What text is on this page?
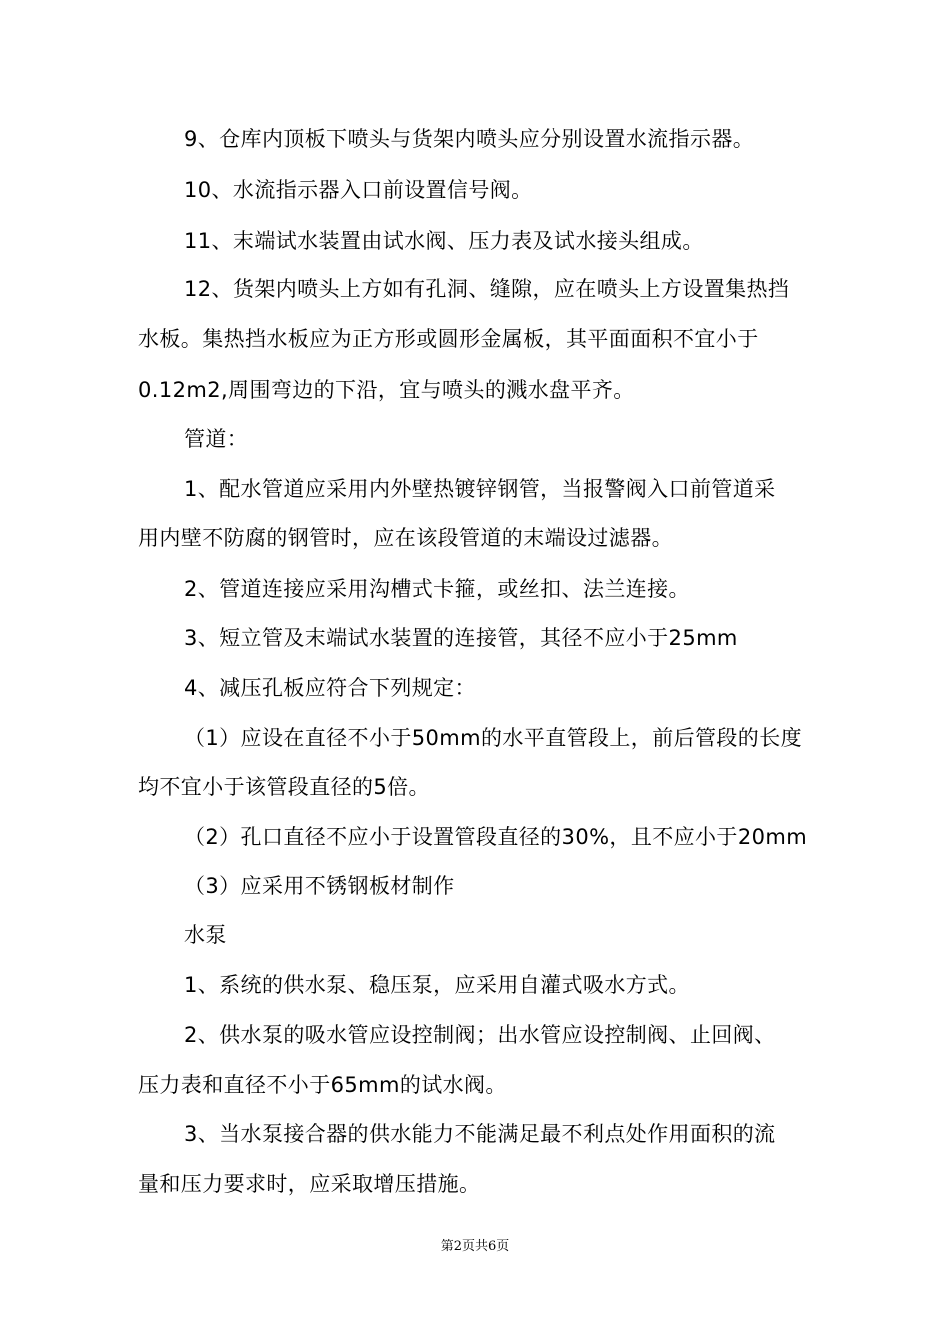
9、仓库内顶板下喷头与货架内喷头应分别设置水流指示器。
10、水流指示器入口前设置信号阀。
11、末端试水装置由试水阀、压力表及试水接头组成。
12、货架内喷头上方如有孔洞、缝隙，应在喷头上方设置集热挡
水板。集热挡水板应为正方形或圆形金属板，其平面面积不宜小于
0.12m2,周围弯边的下沿，宜与喷头的溅水盘平齐。
管道：
1、配水管道应采用内外壁热镀锌钢管，当报警阀入口前管道采
用内壁不防腐的钢管时，应在该段管道的末端设过滤器。
2、管道连接应采用沟槽式卡箍，或丝扣、法兰连接。
3、短立管及末端试水装置的连接管，其径不应小于25mm
4、减压孔板应符合下列规定：
（1）应设在直径不小于50mm的水平直管段上，前后管段的长度
均不宜小于该管段直径的5倍。
（2）孔口直径不应小于设置管段直径的30%，且不应小于20mm
（3）应采用不锈钢板材制作
水泵
1、系统的供水泵、稳压泵，应采用自灌式吸水方式。
2、供水泵的吸水管应设控制阀；出水管应设控制阀、止回阀、
压力表和直径不小于65mm的试水阀。
3、当水泵接合器的供水能力不能满足最不利点处作用面积的流
量和压力要求时，应采取增压措施。
第2页共6页
